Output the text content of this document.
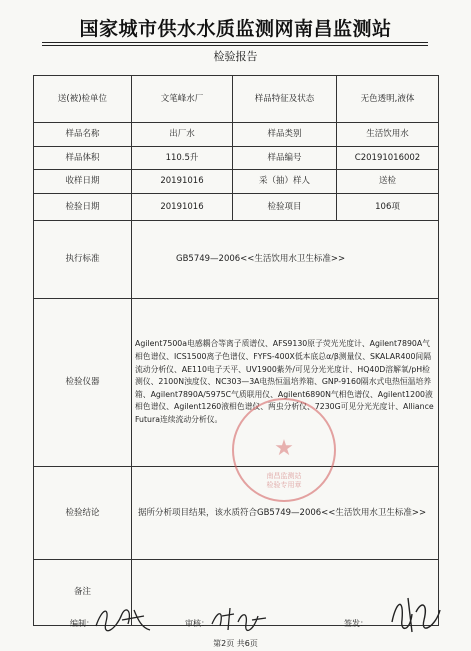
国家城市供水水质监测网南昌监测站
检验报告
送(被)检单位	文笔峰水厂	样品特征及状态	无色透明,液体
样品名称	出厂水	样品类别	生活饮用水
样品体积	110.5升	样品编号	C20191016002
收样日期	20191016	采（抽）样人	送检
检验日期	20191016	检验项目	106项
执行标准	GB5749—2006<<生活饮用水卫生标准>>		
检验仪器	Agilent7500a电感耦合等离子质谱仪、AFS9130原子荧光光度计、Agilent7890A气相色谱仪、ICS1500离子色谱仪、FYFS-400X低本底总α/β测量仪、SKALAR400间隔流动分析仪、AE110电子天平、UV1900紫外/可见分光光度计、HQ40D溶解氧/pH检测仪、2100N浊度仪、NC303—3A电热恒温培养箱、GNP-9160隔水式电热恒温培养箱、Agilent7890A/5975C气质联用仪、Agilent6890N气相色谱仪、Agilent1200液相色谱仪、Agilent1260液相色谱仪、两虫分析仪、7230G可见分光光度计、Alliance Futura连续流动分析仪。		
检验结论	据所分析项目结果，该水质符合GB5749—2006<<生活饮用水卫生标准>>		
备注			
★
南昌监测站
检验专用章
编制：	审核：	签发：
第2页 共6页
